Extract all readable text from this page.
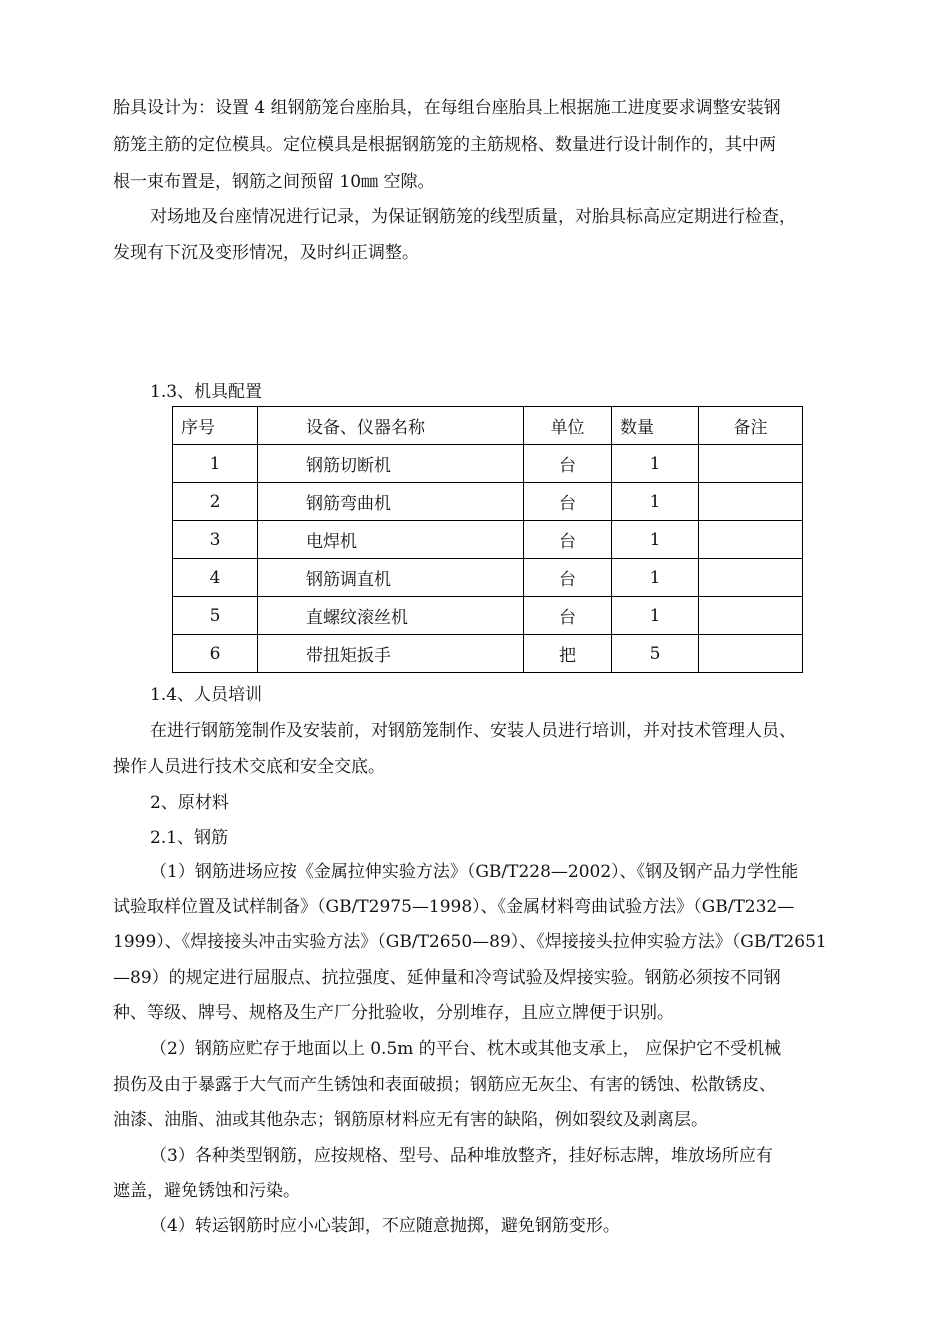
胎具设计为：设置 4 组钢筋笼台座胎具，在每组台座胎具上根据施工进度要求调整安装钢
筋笼主筋的定位模具。定位模具是根据钢筋笼的主筋规格、数量进行设计制作的，其中两
根一束布置是，钢筋之间预留 10㎜ 空隙。
对场地及台座情况进行记录，为保证钢筋笼的线型质量，对胎具标高应定期进行检查，
发现有下沉及变形情况，及时纠正调整。
1.3、机具配置
序号	设备、仪器名称	单位	数量	备注
1	钢筋切断机	台	1	
2	钢筋弯曲机	台	1	
3	电焊机	台	1	
4	钢筋调直机	台	1	
5	直螺纹滚丝机	台	1	
6	带扭矩扳手	把	5	
1.4、人员培训
在进行钢筋笼制作及安装前，对钢筋笼制作、安装人员进行培训，并对技术管理人员、
操作人员进行技术交底和安全交底。
2、原材料
2.1、钢筋
（1）钢筋进场应按《金属拉伸实验方法》（GB/T228—2002）、《钢及钢产品力学性能
试验取样位置及试样制备》（GB/T2975—1998）、《金属材料弯曲试验方法》（GB/T232—
1999）、《焊接接头冲击实验方法》（GB/T2650—89）、《焊接接头拉伸实验方法》（GB/T2651
—89）的规定进行屈服点、抗拉强度、延伸量和冷弯试验及焊接实验。钢筋必须按不同钢
种、等级、牌号、规格及生产厂分批验收，分别堆存，且应立牌便于识别。
（2）钢筋应贮存于地面以上 0.5m 的平台、枕木或其他支承上， 应保护它不受机械
损伤及由于暴露于大气而产生锈蚀和表面破损；钢筋应无灰尘、有害的锈蚀、松散锈皮、
油漆、油脂、油或其他杂志；钢筋原材料应无有害的缺陷，例如裂纹及剥离层。
（3）各种类型钢筋，应按规格、型号、品种堆放整齐，挂好标志牌，堆放场所应有
遮盖，避免锈蚀和污染。
（4）转运钢筋时应小心装卸，不应随意抛掷，避免钢筋变形。
